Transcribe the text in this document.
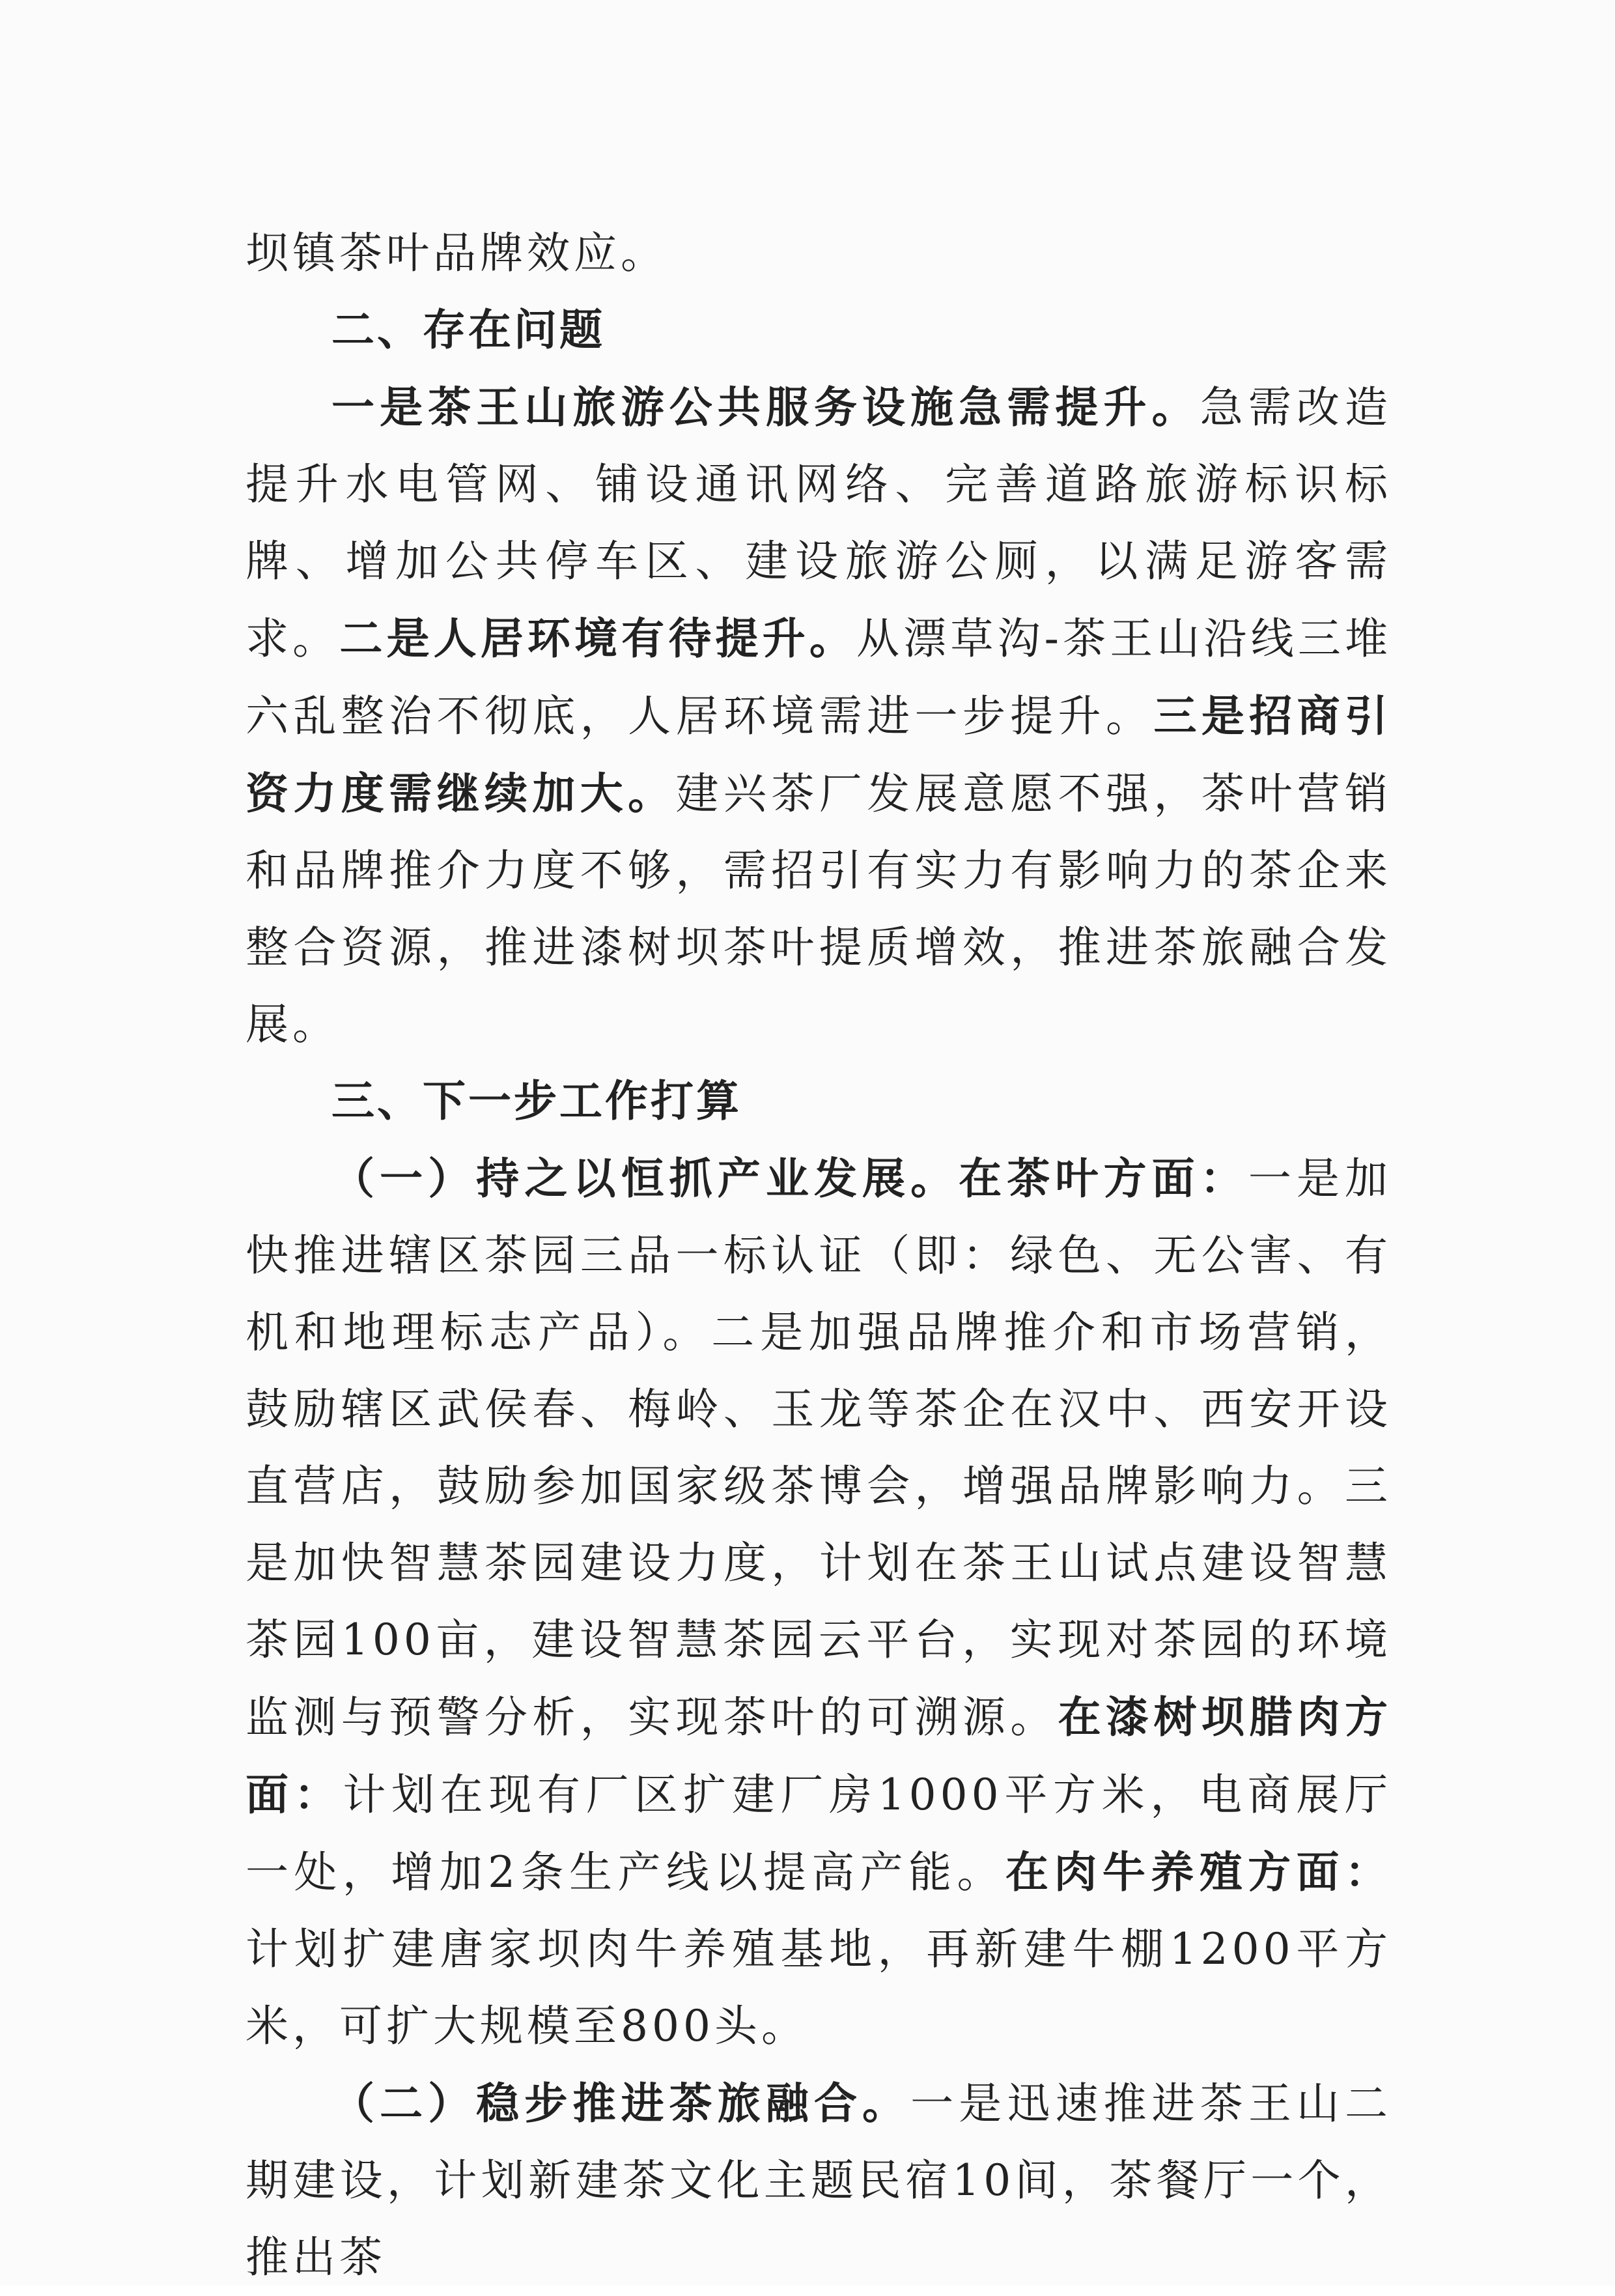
坝镇茶叶品牌效应。

二、存在问题

一是茶王山旅游公共服务设施急需提升。急需改造提升水电管网、铺设通讯网络、完善道路旅游标识标牌、增加公共停车区、建设旅游公厕，以满足游客需求。二是人居环境有待提升。从漂草沟-茶王山沿线三堆六乱整治不彻底，人居环境需进一步提升。三是招商引资力度需继续加大。建兴茶厂发展意愿不强，茶叶营销和品牌推介力度不够，需招引有实力有影响力的茶企来整合资源，推进漆树坝茶叶提质增效，推进茶旅融合发展。

三、下一步工作打算

（一）持之以恒抓产业发展。在茶叶方面：一是加快推进辖区茶园三品一标认证（即：绿色、无公害、有机和地理标志产品）。二是加强品牌推介和市场营销，鼓励辖区武侯春、梅岭、玉龙等茶企在汉中、西安开设直营店，鼓励参加国家级茶博会，增强品牌影响力。三是加快智慧茶园建设力度，计划在茶王山试点建设智慧茶园100亩，建设智慧茶园云平台，实现对茶园的环境监测与预警分析，实现茶叶的可溯源。在漆树坝腊肉方面：计划在现有厂区扩建厂房1000平方米，电商展厅一处，增加2条生产线以提高产能。在肉牛养殖方面：计划扩建唐家坝肉牛养殖基地，再新建牛棚1200平方米，可扩大规模至800头。

（二）稳步推进茶旅融合。一是迅速推进茶王山二期建设，计划新建茶文化主题民宿10间，茶餐厅一个，推出茶
